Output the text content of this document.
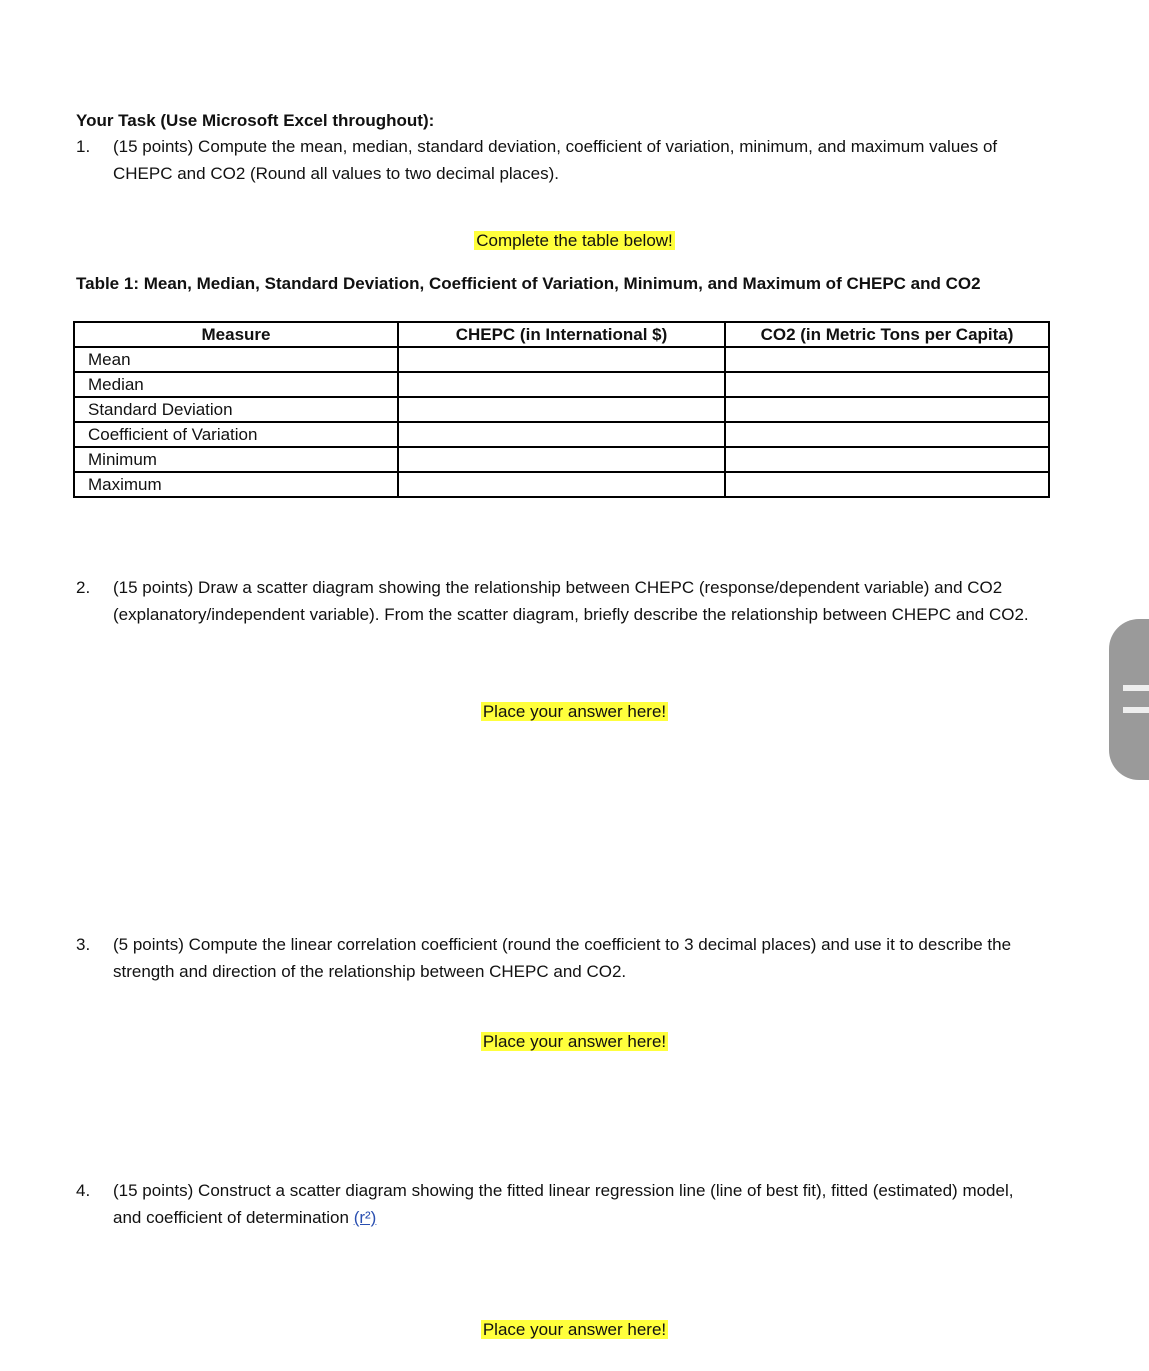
Your Task (Use Microsoft Excel throughout):
1. (15 points) Compute the mean, median, standard deviation, coefficient of variation, minimum, and maximum values of CHEPC and CO2 (Round all values to two decimal places).
Complete the table below!
Table 1: Mean, Median, Standard Deviation, Coefficient of Variation, Minimum, and Maximum of CHEPC and CO2
Measure	CHEPC (in International $)	CO2 (in Metric Tons per Capita)
Mean		
Median		
Standard Deviation		
Coefficient of Variation		
Minimum		
Maximum		
2. (15 points) Draw a scatter diagram showing the relationship between CHEPC (response/dependent variable) and CO2 (explanatory/independent variable). From the scatter diagram, briefly describe the relationship between CHEPC and CO2.
Place your answer here!
3. (5 points) Compute the linear correlation coefficient (round the coefficient to 3 decimal places) and use it to describe the strength and direction of the relationship between CHEPC and CO2.
Place your answer here!
4. (15 points) Construct a scatter diagram showing the fitted linear regression line (line of best fit), fitted (estimated) model, and coefficient of determination (r²)
Place your answer here!
